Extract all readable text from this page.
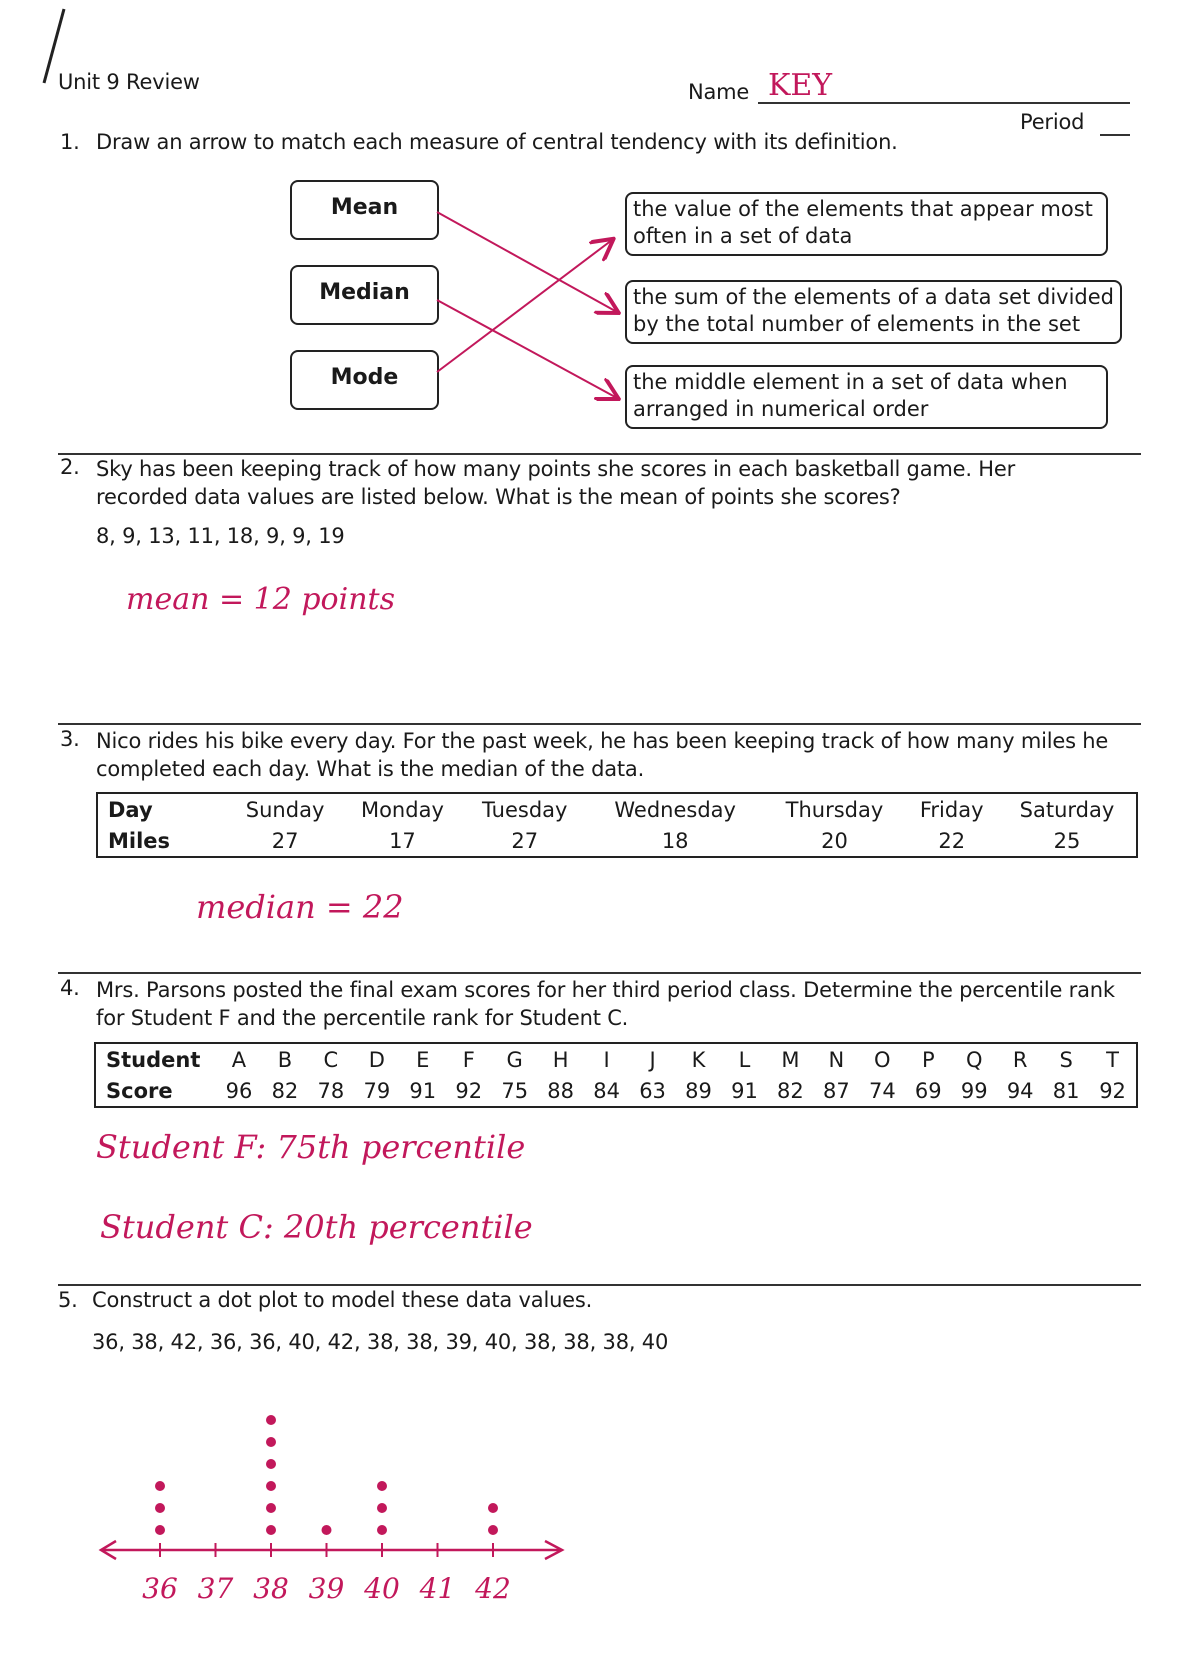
Unit 9 Review	Name KEY
Period
1. Draw an arrow to match each measure of central tendency with its definition.
Mean
Median
Mode
the value of the elements that appear most often in a set of data
the sum of the elements of a data set divided by the total number of elements in the set
the middle element in a set of data when arranged in numerical order
2. Sky has been keeping track of how many points she scores in each basketball game. Her recorded data values are listed below. What is the mean of points she scores?
8, 9, 13, 11, 18, 9, 9, 19
mean = 12 points
3. Nico rides his bike every day. For the past week, he has been keeping track of how many miles he completed each day. What is the median of the data.
Day	Sunday	Monday	Tuesday	Wednesday	Thursday	Friday	Saturday
Miles	27	17	27	18	20	22	25
median = 22
4. Mrs. Parsons posted the final exam scores for her third period class. Determine the percentile rank for Student F and the percentile rank for Student C.
Student	A	B	C	D	E	F	G	H	I	J	K	L	M	N	O	P	Q	R	S	T
Score	96	82	78	79	91	92	75	88	84	63	89	91	82	87	74	69	99	94	81	92
Student F: 75th percentile
Student C: 20th percentile
5. Construct a dot plot to model these data values.
36, 38, 42, 36, 36, 40, 42, 38, 38, 39, 40, 38, 38, 38, 40
36 37 38 39 40 41 42
